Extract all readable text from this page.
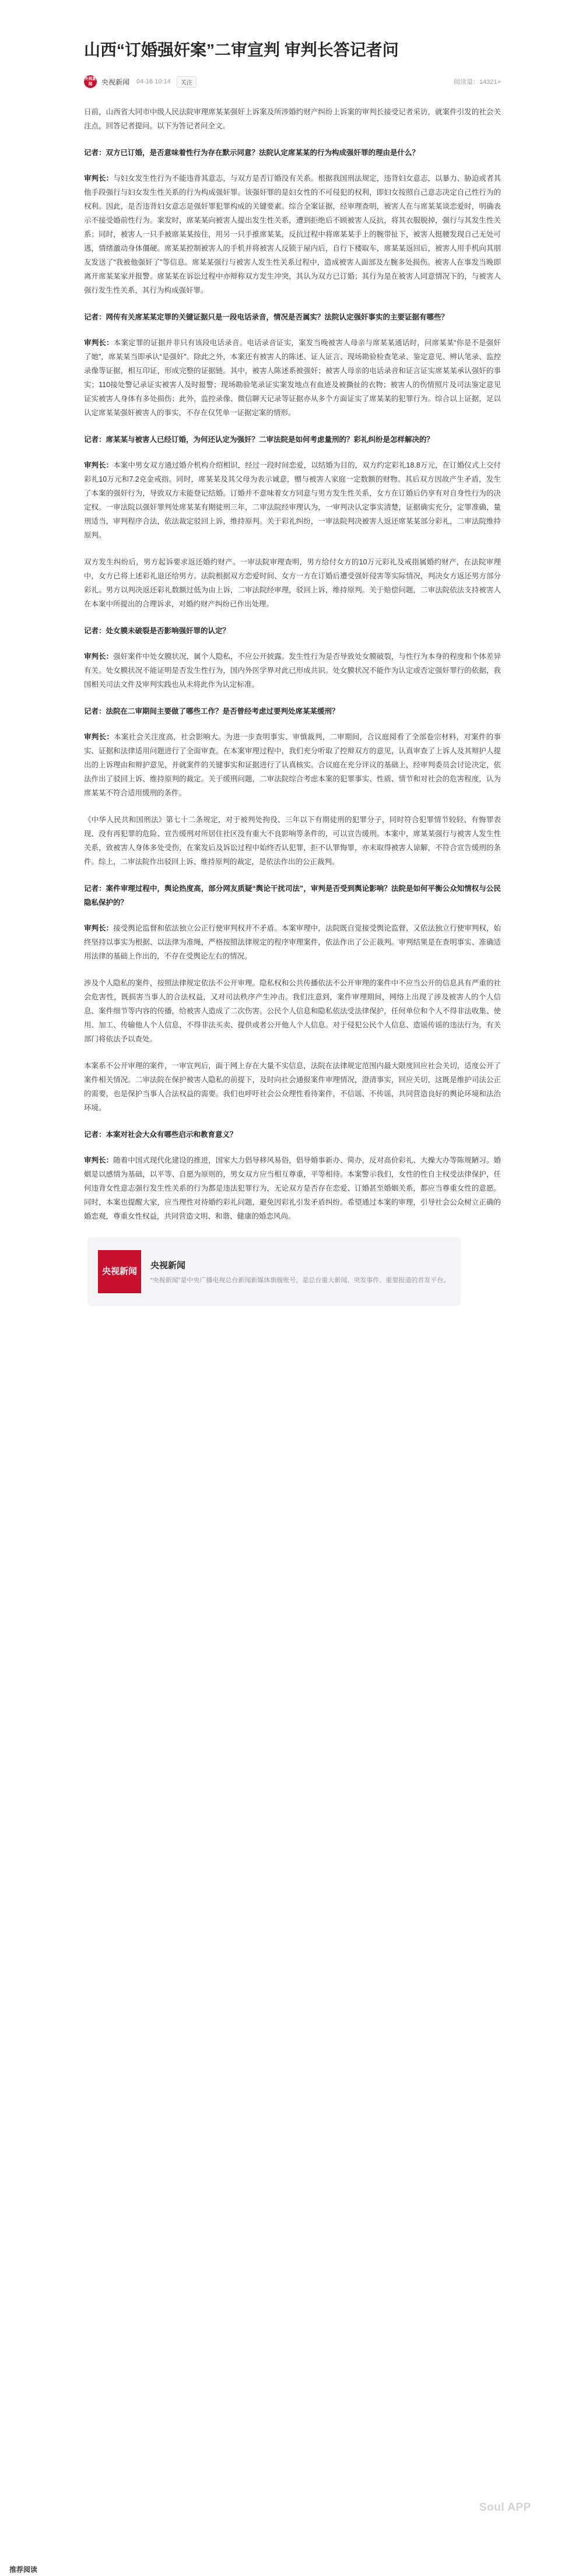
山西“订婚强奸案”二审宣判 审判长答记者问
央视新闻	央视新闻 04-16 10:14	关注	阅读量：14321+

日前，山西省大同市中级人民法院审理席某某强奸上诉案及所涉婚约财产纠纷上诉案的审判长接受记者采访，就案件引发的社会关注点，回答记者提问。以下为答记者问全文。

记者：双方已订婚，是否意味着性行为存在默示同意？法院认定席某某的行为构成强奸罪的理由是什么？

审判长：与妇女发生性行为不能违背其意志，与双方是否订婚没有关系。根据我国刑法规定，违背妇女意志，以暴力、胁迫或者其他手段强行与妇女发生性关系的行为构成强奸罪。该强奸罪的是妇女性的不可侵犯的权利，即妇女按照自己意志决定自己性行为的权利。因此，是否违背妇女意志是强奸罪犯罪构成的关键要素。综合全案证据，经审理查明，被害人在与席某某谈恋爱时，明确表示不接受婚前性行为。案发时，席某某向被害人提出发生性关系，遭到拒绝后不顾被害人反抗，将其衣服脱掉，强行与其发生性关系；同时，被害人一只手被席某某按住，用另一只手推席某某，反抗过程中将席某某手上的腕带扯下，被害人挺腰发现自己无处可逃，情绪激动身体僵硬。席某某控制被害人的手机并将被害人反锁于屋内后，自行下楼取车，席某某返回后，被害人用手机向其朋友发送了“我被他强奸了”等信息。席某某强行与被害人发生性关系过程中，造成被害人面部及左腕多处损伤。被害人在事发当晚即离开席某某家并报警。席某某在诉讼过程中亦辩称双方发生冲突，其认为双方已订婚；其行为是在被害人同意情况下的，与被害人强行发生性关系，其行为构成强奸罪。

记者：网传有关席某某定罪的关键证据只是一段电话录音，情况是否属实？法院认定强奸事实的主要证据有哪些？

审判长：本案定罪的证据并非只有该段电话录音。电话录音证实，案发当晚被害人母亲与席某某通话时，问席某某“你是不是强奸了她”，席某某当即承认“是强奸”。除此之外，本案还有被害人的陈述、证人证言、现场勘验检查笔录、鉴定意见、辨认笔录、监控录像等证据，相互印证，形成完整的证据链。其中，被害人陈述系被强奸；被害人母亲的电话录音和证言证实席某某承认强奸的事实；110接处警记录证实被害人及时报警；现场勘验笔录证实案发地点有血迹及被撕扯的衣物；被害人的伤情照片及司法鉴定意见证实被害人身体有多处损伤；此外，监控录像、微信聊天记录等证据亦从多个方面证实了席某某的犯罪行为。综合以上证据，足以认定席某某强奸被害人的事实，不存在仅凭单一证据定案的情形。

记者：席某某与被害人已经订婚，为何还认定为强奸？二审法院是如何考虑量刑的？彩礼纠纷是怎样解决的？

审判长：本案中男女双方通过婚介机构介绍相识，经过一段时间恋爱，以结婚为目的，双方约定彩礼18.8万元，在订婚仪式上交付彩礼10万元和7.2克金戒指。同时，席某某及其父母为表示诚意，赠与被害人家庭一定数额的财物。其后双方因故产生矛盾，发生了本案的强奸行为，导致双方未能登记结婚。订婚并不意味着女方同意与男方发生性关系，女方在订婚后仍享有对自身性行为的决定权。一审法院以强奸罪判处席某某有期徒刑三年，二审法院经审理认为，一审判决认定事实清楚，证据确实充分，定罪准确，量刑适当，审判程序合法，依法裁定驳回上诉，维持原判。关于彩礼纠纷，一审法院判决被害人返还席某某部分彩礼，二审法院维持原判。

双方发生纠纷后，男方起诉要求返还婚约财产。一审法院审理查明，男方给付女方的10万元彩礼及戒指属婚约财产，在法院审理中，女方已将上述彩礼退还给男方。法院根据双方恋爱时间、女方一方在订婚后遭受强奸侵害等实际情况，判决女方返还男方部分彩礼。男方以判决返还彩礼数额过低为由上诉，二审法院经审理，驳回上诉，维持原判。关于赔偿问题，二审法院依法支持被害人在本案中所提出的合理诉求，对婚约财产纠纷已作出处理。

记者：处女膜未破裂是否影响强奸罪的认定？

审判长：强奸案件中处女膜状况，属个人隐私，不应公开披露。发生性行为是否导致处女膜破裂，与性行为本身的程度和个体差异有关。处女膜状况不能证明是否发生性行为，国内外医学界对此已形成共识。处女膜状况不能作为认定或否定强奸罪行的依据，我国相关司法文件及审判实践也从未将此作为认定标准。

记者：法院在二审期间主要做了哪些工作？是否曾经考虑过要判处席某某缓刑？

审判长：本案社会关注度高，社会影响大。为进一步查明事实、审慎裁判，二审期间，合议庭阅看了全部卷宗材料，对案件的事实、证据和法律适用问题进行了全面审查。在本案审理过程中，我们充分听取了控辩双方的意见，认真审查了上诉人及其辩护人提出的上诉理由和辩护意见，并就案件的关键事实和证据进行了认真核实。合议庭在充分评议的基础上，经审判委员会讨论决定，依法作出了驳回上诉、维持原判的裁定。关于缓刑问题，二审法院综合考虑本案的犯罪事实、性质、情节和对社会的危害程度，认为席某某不符合适用缓刑的条件。

《中华人民共和国刑法》第七十二条规定，对于被判处拘役、三年以下有期徒刑的犯罪分子，同时符合犯罪情节较轻、有悔罪表现、没有再犯罪的危险、宣告缓刑对所居住社区没有重大不良影响等条件的，可以宣告缓刑。本案中，席某某强行与被害人发生性关系，致被害人身体多处受伤，在案发后及诉讼过程中始终否认犯罪，拒不认罪悔罪，亦未取得被害人谅解，不符合宣告缓刑的条件。综上，二审法院作出驳回上诉、维持原判的裁定，是依法作出的公正裁判。

记者：案件审理过程中，舆论热度高，部分网友质疑“舆论干扰司法”，审判是否受到舆论影响？法院是如何平衡公众知情权与公民隐私保护的？

审判长：接受舆论监督和依法独立公正行使审判权并不矛盾。本案审理中，法院既自觉接受舆论监督，又依法独立行使审判权，始终坚持以事实为根据、以法律为准绳，严格按照法律规定的程序审理案件，依法作出了公正裁判。审判结果是在查明事实、准确适用法律的基础上作出的，不存在受舆论左右的情况。

涉及个人隐私的案件，按照法律规定依法不公开审理。隐私权和公共传播依法不公开审理的案件中不应当公开的信息具有严重的社会危害性，既损害当事人的合法权益，又对司法秩序产生冲击。我们注意到，案件审理期间，网络上出现了涉及被害人的个人信息、案件细节等内容的传播，给被害人造成了二次伤害。公民个人信息和隐私依法受法律保护，任何单位和个人不得非法收集、使用、加工、传输他人个人信息，不得非法买卖、提供或者公开他人个人信息。对于侵犯公民个人信息、造谣传谣的违法行为，有关部门将依法予以查处。

本案系不公开审理的案件，一审宣判后，面于网上存在大量不实信息，法院在法律规定范围内最大限度回应社会关切，适度公开了案件相关情况。二审法院在保护被害人隐私的前提下，及时向社会通报案件审理情况，澄清事实，回应关切，这既是维护司法公正的需要，也是保护当事人合法权益的需要。我们也呼吁社会公众理性看待案件，不信谣、不传谣，共同营造良好的舆论环境和法治环境。

记者：本案对社会大众有哪些启示和教育意义？

审判长：随着中国式现代化建设的推进，国家大力倡导移风易俗，倡导婚事新办、简办，反对高价彩礼、大操大办等陈规陋习。婚姻是以感情为基础，以平等、自愿为原则的，男女双方应当相互尊重，平等相待。本案警示我们，女性的性自主权受法律保护，任何违背女性意志强行发生性关系的行为都是违法犯罪行为，无论双方是否存在恋爱、订婚甚至婚姻关系，都应当尊重女性的意愿。同时，本案也提醒大家，应当理性对待婚约彩礼问题，避免因彩礼引发矛盾纠纷。希望通过本案的审理，引导社会公众树立正确的婚恋观，尊重女性权益，共同营造文明、和谐、健康的婚恋风尚。

央视新闻
央视新闻
“央视新闻”是中央广播电视总台新闻新媒体旗舰账号，是总台重大新闻、突发事件、重要报道的首发平台。
Soul APP
推荐阅读
